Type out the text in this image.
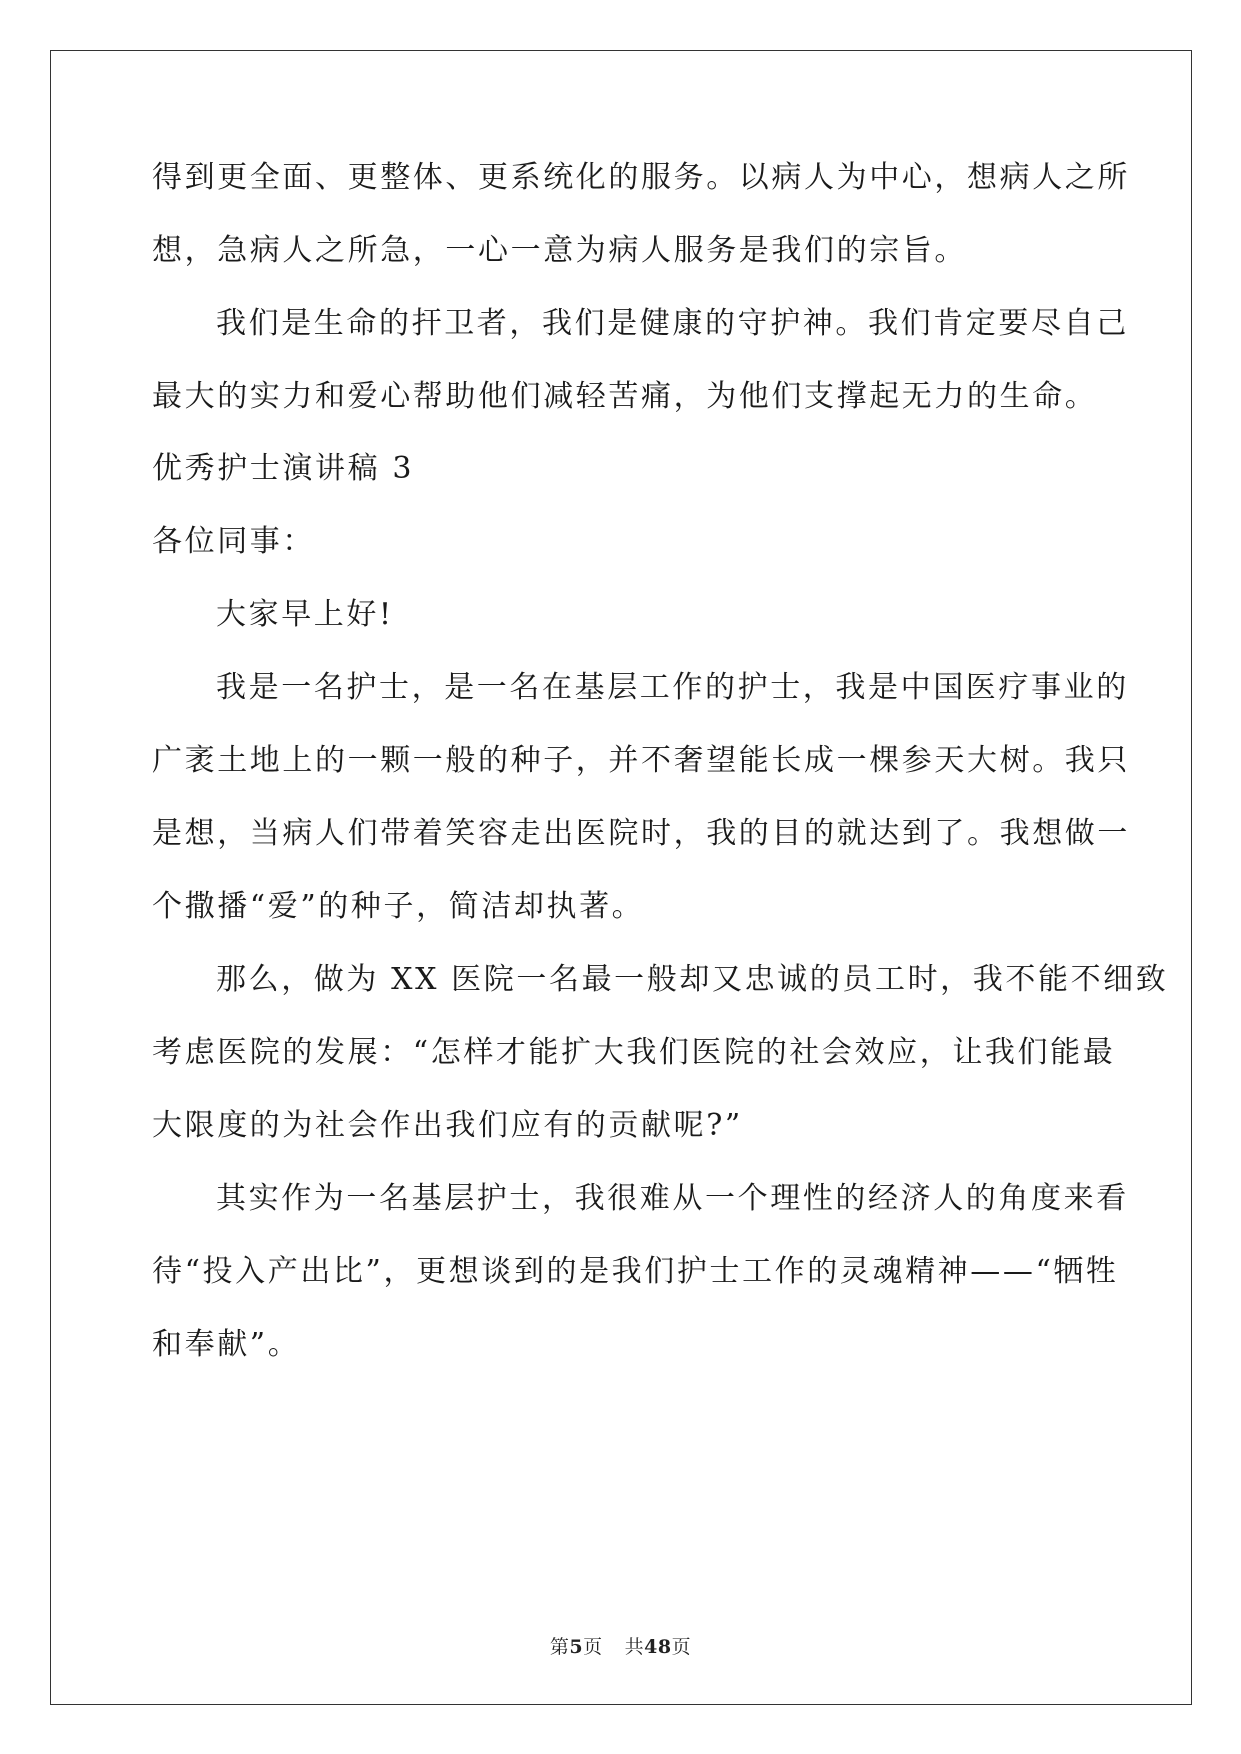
得到更全面、更整体、更系统化的服务。以病人为中心，想病人之所
想，急病人之所急，一心一意为病人服务是我们的宗旨。
我们是生命的扞卫者，我们是健康的守护神。我们肯定要尽自己
最大的实力和爱心帮助他们减轻苦痛，为他们支撑起无力的生命。
优秀护士演讲稿 3
各位同事：
大家早上好!
我是一名护士，是一名在基层工作的护士，我是中国医疗事业的
广袤土地上的一颗一般的种子，并不奢望能长成一棵参天大树。我只
是想，当病人们带着笑容走出医院时，我的目的就达到了。我想做一
个撒播“爱”的种子，简洁却执著。
那么，做为 XX 医院一名最一般却又忠诚的员工时，我不能不细致
考虑医院的发展：“怎样才能扩大我们医院的社会效应，让我们能最
大限度的为社会作出我们应有的贡献呢?”
其实作为一名基层护士，我很难从一个理性的经济人的角度来看
待“投入产出比”，更想谈到的是我们护士工作的灵魂精神——“牺牲
和奉献”。
第5页 共48页
